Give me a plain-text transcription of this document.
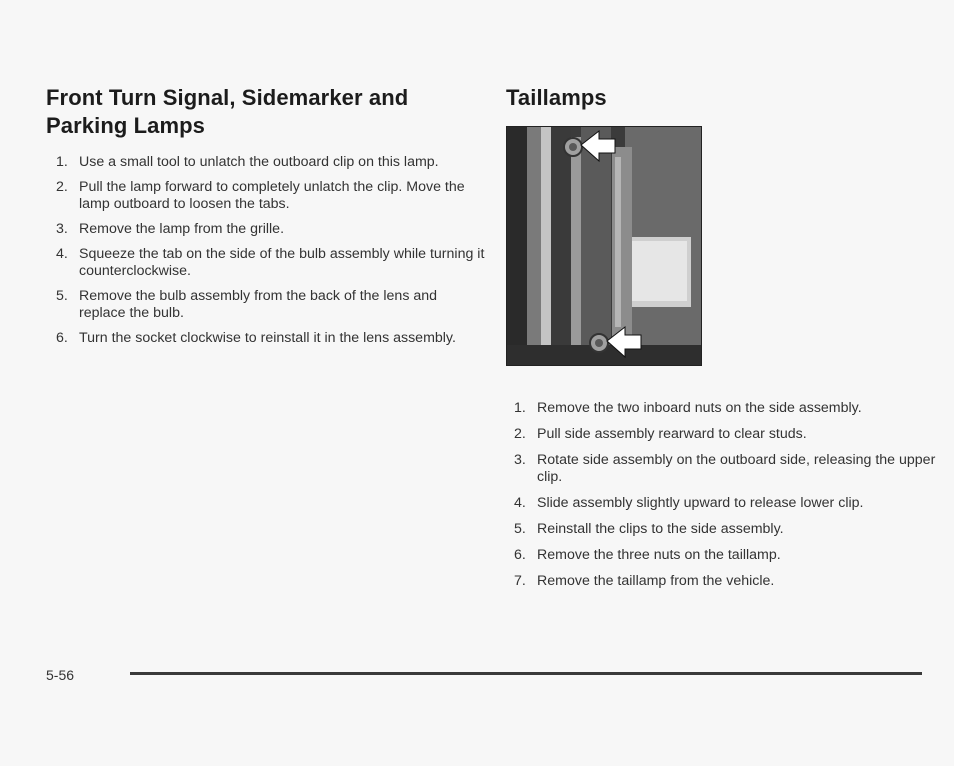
Front Turn Signal, Sidemarker and Parking Lamps
1. Use a small tool to unlatch the outboard clip on this lamp.
2. Pull the lamp forward to completely unlatch the clip. Move the lamp outboard to loosen the tabs.
3. Remove the lamp from the grille.
4. Squeeze the tab on the side of the bulb assembly while turning it counterclockwise.
5. Remove the bulb assembly from the back of the lens and replace the bulb.
6. Turn the socket clockwise to reinstall it in the lens assembly.
Taillamps
1. Remove the two inboard nuts on the side assembly.
2. Pull side assembly rearward to clear studs.
3. Rotate side assembly on the outboard side, releasing the upper clip.
4. Slide assembly slightly upward to release lower clip.
5. Reinstall the clips to the side assembly.
6. Remove the three nuts on the taillamp.
7. Remove the taillamp from the vehicle.
5-56
